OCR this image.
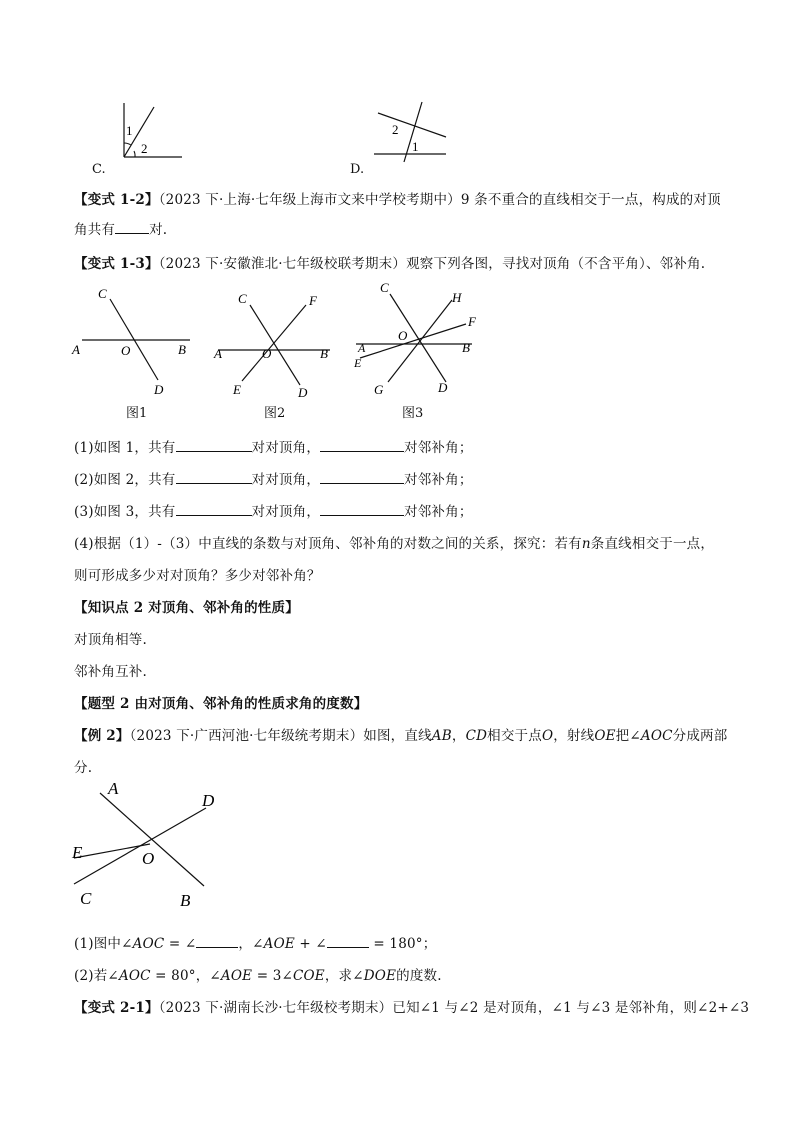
1
2
C.
2
1
D.
【变式 1-2】（2023 下·上海·七年级上海市文来中学校考期中）9 条不重合的直线相交于一点，构成的对顶
角共有	对.
【变式 1-3】（2023 下·安徽淮北·七年级校联考期末）观察下列各图，寻找对顶角（不含平角）、邻补角.
C
A	O	B
D
图1
C	F
A	O	B
E	D
图2
C
H
F
O
A	B
E
G	D
图3
(1)如图 1，共有	对对顶角，	对邻补角；
(2)如图 2，共有	对对顶角，	对邻补角；
(3)如图 3，共有	对对顶角，	对邻补角；
(4)根据（1）-（3）中直线的条数与对顶角、邻补角的对数之间的关系，探究：若有n条直线相交于一点，
则可形成多少对对顶角？多少对邻补角？
【知识点 2 对顶角、邻补角的性质】
对顶角相等.
邻补角互补.
【题型 2 由对顶角、邻补角的性质求角的度数】
【例 2】（2023 下·广西河池·七年级统考期末）如图，直线AB，CD相交于点O，射线OE把∠AOC分成两部
分.
A
D
E	O
C	B
(1)图中∠AOC = ∠	，∠AOE + ∠	= 180°；
(2)若∠AOC = 80°，∠AOE = 3∠COE，求∠DOE的度数.
【变式 2-1】（2023 下·湖南长沙·七年级校考期末）已知∠1 与∠2 是对顶角，∠1 与∠3 是邻补角，则∠2+∠3
